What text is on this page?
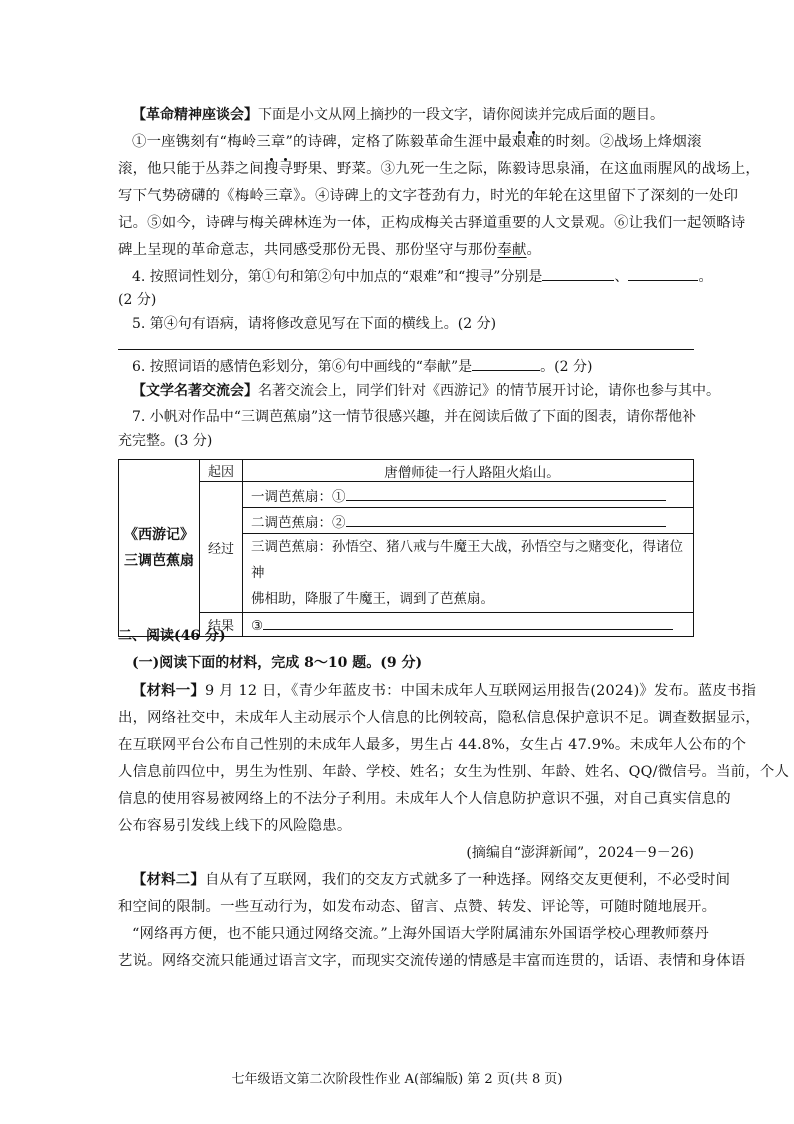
【革命精神座谈会】下面是小文从网上摘抄的一段文字，请你阅读并完成后面的题目。
①一座镌刻有“梅岭三章”的诗碑，定格了陈毅革命生涯中最艰难的时刻。②战场上烽烟滚
滚，他只能于丛莽之间搜寻野果、野菜。③九死一生之际，陈毅诗思泉涌，在这血雨腥风的战场上，
写下气势磅礴的《梅岭三章》。④诗碑上的文字苍劲有力，时光的年轮在这里留下了深刻的一处印
记。⑤如今，诗碑与梅关碑林连为一体，正构成梅关古驿道重要的人文景观。⑥让我们一起领略诗
碑上呈现的革命意志，共同感受那份无畏、那份坚守与那份奉献。
4. 按照词性划分，第①句和第②句中加点的“艰难”和“搜寻”分别是	、	。
(2 分)
5. 第④句有语病，请将修改意见写在下面的横线上。(2 分)
6. 按照词语的感情色彩划分，第⑥句中画线的“奉献”是	。(2 分)
【文学名著交流会】名著交流会上，同学们针对《西游记》的情节展开讨论，请你也参与其中。
7. 小帆对作品中“三调芭蕉扇”这一情节很感兴趣，并在阅读后做了下面的图表，请你帮他补
充完整。(3 分)
《西游记》
三调芭蕉扇	起因	唐僧师徒一行人路阻火焰山。
	经过	一调芭蕉扇：①
		二调芭蕉扇：②

		三调芭蕉扇：孙悟空、猪八戒与牛魔王大战，孙悟空与之赌变化，得诸位神
佛相助，降服了牛魔王，调到了芭蕉扇。

	结果	③
二、阅读(46 分)
(一)阅读下面的材料，完成 8～10 题。(9 分)
【材料一】9 月 12 日，《青少年蓝皮书：中国未成年人互联网运用报告(2024)》发布。蓝皮书指
出，网络社交中，未成年人主动展示个人信息的比例较高，隐私信息保护意识不足。调查数据显示，
在互联网平台公布自己性别的未成年人最多，男生占 44.8%，女生占 47.9%。未成年人公布的个
人信息前四位中，男生为性别、年龄、学校、姓名；女生为性别、年龄、姓名、QQ/微信号。当前，个人
信息的使用容易被网络上的不法分子利用。未成年人个人信息防护意识不强，对自己真实信息的
公布容易引发线上线下的风险隐患。
(摘编自“澎湃新闻”，2024－9－26)
【材料二】自从有了互联网，我们的交友方式就多了一种选择。网络交友更便利，不必受时间
和空间的限制。一些互动行为，如发布动态、留言、点赞、转发、评论等，可随时随地展开。
“网络再方便，也不能只通过网络交流。”上海外国语大学附属浦东外国语学校心理教师蔡丹
艺说。网络交流只能通过语言文字，而现实交流传递的情感是丰富而连贯的，话语、表情和身体语
七年级语文第二次阶段性作业 A(部编版) 第 2 页(共 8 页)
